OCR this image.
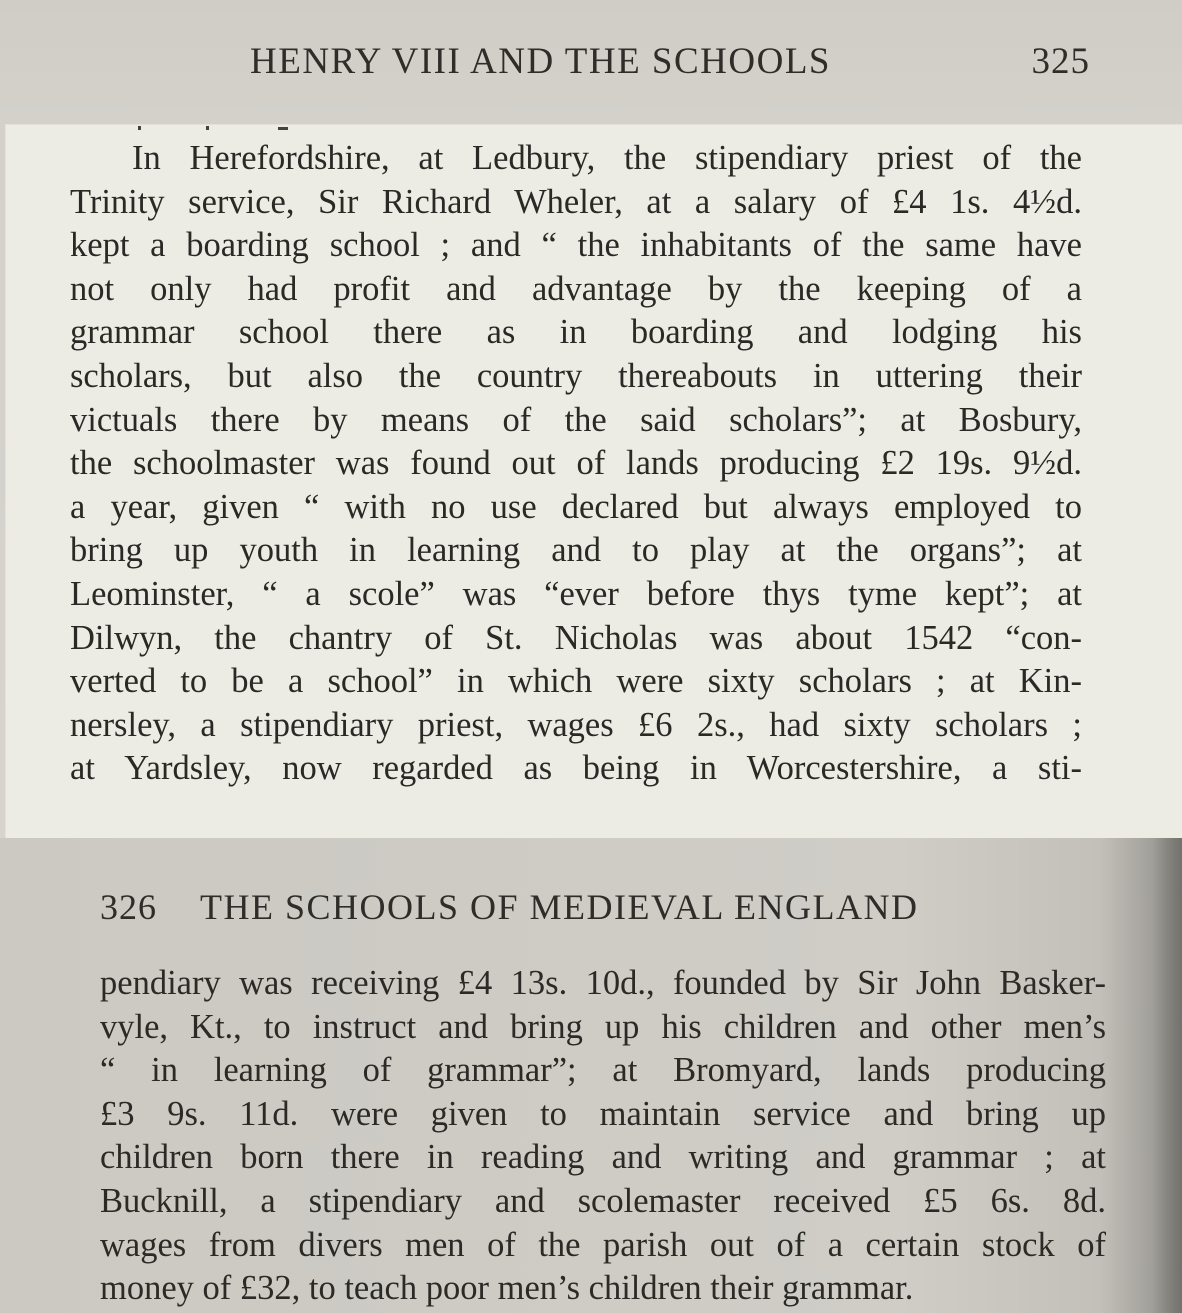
HENRY VIII AND THE SCHOOLS	325
In Herefordshire, at Ledbury, the stipendiary priest of the
Trinity service, Sir Richard Wheler, at a salary of £4 1s. 4½d.
kept a boarding school ; and “ the inhabitants of the same have
not only had profit and advantage by the keeping of a
grammar school there as in boarding and lodging his
scholars, but also the country thereabouts in uttering their
victuals there by means of the said scholars”; at Bosbury,
the schoolmaster was found out of lands producing £2 19s. 9½d.
a year, given “ with no use declared but always employed to
bring up youth in learning and to play at the organs”; at
Leominster, “ a scole” was “ever before thys tyme kept”; at
Dilwyn, the chantry of St. Nicholas was about 1542 “con-
verted to be a school” in which were sixty scholars ; at Kin-
nersley, a stipendiary priest, wages £6 2s., had sixty scholars ;
at Yardsley, now regarded as being in Worcestershire, a sti-
326 THE SCHOOLS OF MEDIEVAL ENGLAND
pendiary was receiving £4 13s. 10d., founded by Sir John Basker-
vyle, Kt., to instruct and bring up his children and other men’s
“ in learning of grammar”; at Bromyard, lands producing
£3 9s. 11d. were given to maintain service and bring up
children born there in reading and writing and grammar ; at
Bucknill, a stipendiary and scolemaster received £5 6s. 8d.
wages from divers men of the parish out of a certain stock of
money of £32, to teach poor men’s children their grammar.
